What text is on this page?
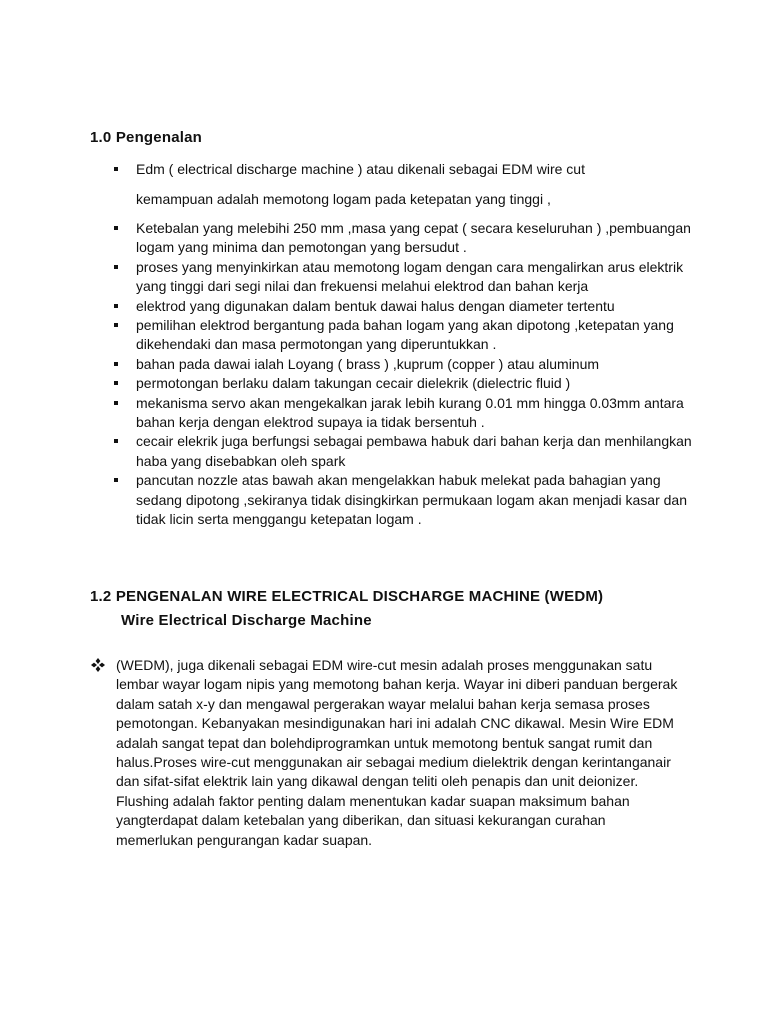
1.0 Pengenalan
Edm ( electrical discharge machine ) atau dikenali sebagai EDM wire cut
kemampuan adalah memotong logam pada ketepatan yang tinggi ,
Ketebalan yang melebihi 250 mm ,masa yang cepat ( secara keseluruhan ) ,pembuangan logam yang minima dan pemotongan yang bersudut .
proses yang menyinkirkan atau memotong logam dengan cara mengalirkan arus elektrik yang tinggi dari segi nilai dan frekuensi melahui elektrod dan bahan kerja
elektrod yang digunakan dalam bentuk dawai halus dengan diameter tertentu
pemilihan elektrod bergantung pada bahan logam yang akan dipotong ,ketepatan yang dikehendaki dan masa permotongan yang diperuntukkan .
bahan pada dawai ialah Loyang ( brass ) ,kuprum (copper ) atau aluminum
permotongan berlaku dalam takungan cecair dielekrik (dielectric fluid )
mekanisma servo akan mengekalkan jarak lebih kurang 0.01 mm hingga 0.03mm antara bahan kerja dengan elektrod supaya ia tidak bersentuh .
cecair elekrik juga berfungsi sebagai pembawa habuk dari bahan kerja dan menhilangkan haba yang disebabkan oleh spark
pancutan nozzle atas bawah akan mengelakkan habuk melekat pada bahagian yang sedang dipotong ,sekiranya tidak disingkirkan permukaan logam akan menjadi kasar dan tidak licin serta menggangu ketepatan logam .
1.2 PENGENALAN WIRE ELECTRICAL DISCHARGE MACHINE (WEDM)
Wire Electrical Discharge Machine

(WEDM), juga dikenali sebagai EDM wire-cut mesin adalah proses menggunakan satu lembar wayar logam nipis yang memotong bahan kerja. Wayar ini diberi panduan bergerak dalam satah x-y dan mengawal pergerakan wayar melalui bahan kerja semasa proses pemotongan. Kebanyakan mesindigunakan hari ini adalah CNC dikawal. Mesin Wire EDM adalah sangat tepat dan bolehdiprogramkan untuk memotong bentuk sangat rumit dan halus.Proses wire-cut menggunakan air sebagai medium dielektrik dengan kerintanganair dan sifat-sifat elektrik lain yang dikawal dengan teliti oleh penapis dan unit deionizer. Flushing adalah faktor penting dalam menentukan kadar suapan maksimum bahan yangterdapat dalam ketebalan yang diberikan, dan situasi kekurangan curahan memerlukan pengurangan kadar suapan.
